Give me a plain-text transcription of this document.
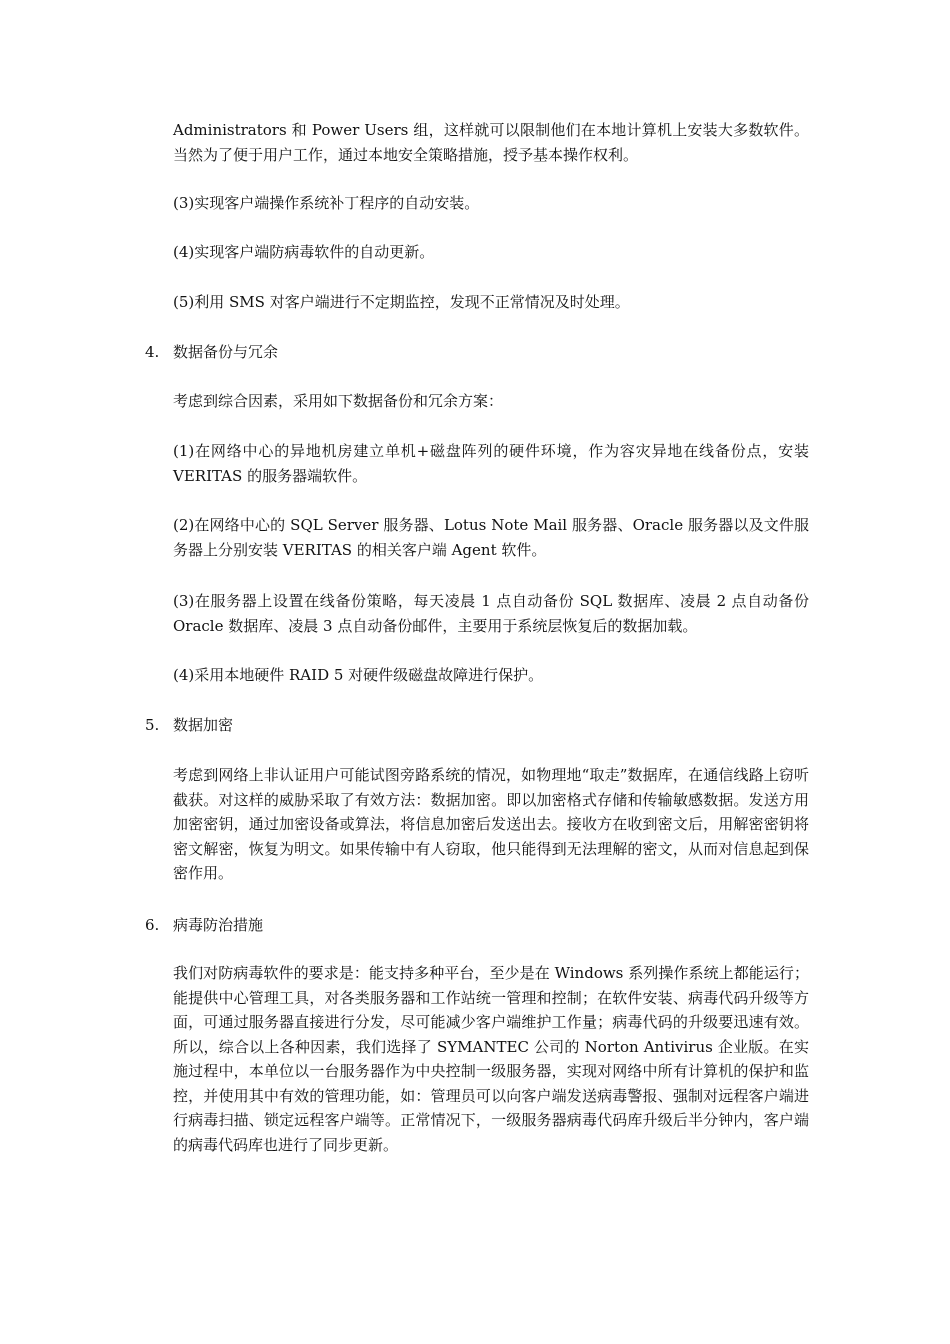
Administrators 和 Power Users 组，这样就可以限制他们在本地计算机上安装大多数软件。当然为了便于用户工作，通过本地安全策略措施，授予基本操作权利。

(3)实现客户端操作系统补丁程序的自动安装。

(4)实现客户端防病毒软件的自动更新。

(5)利用 SMS 对客户端进行不定期监控，发现不正常情况及时处理。

4. 数据备份与冗余

考虑到综合因素，采用如下数据备份和冗余方案：

(1)在网络中心的异地机房建立单机+磁盘阵列的硬件环境，作为容灾异地在线备份点，安装 VERITAS 的服务器端软件。

(2)在网络中心的 SQL Server 服务器、Lotus Note Mail 服务器、Oracle 服务器以及文件服务器上分别安装 VERITAS 的相关客户端 Agent 软件。

(3)在服务器上设置在线备份策略，每天凌晨 1 点自动备份 SQL 数据库、凌晨 2 点自动备份 Oracle 数据库、凌晨 3 点自动备份邮件，主要用于系统层恢复后的数据加载。

(4)采用本地硬件 RAID 5 对硬件级磁盘故障进行保护。

5. 数据加密

考虑到网络上非认证用户可能试图旁路系统的情况，如物理地“取走”数据库，在通信线路上窃听截获。对这样的威胁采取了有效方法：数据加密。即以加密格式存储和传输敏感数据。发送方用加密密钥，通过加密设备或算法，将信息加密后发送出去。接收方在收到密文后，用解密密钥将密文解密，恢复为明文。如果传输中有人窃取，他只能得到无法理解的密文，从而对信息起到保密作用。

6. 病毒防治措施

我们对防病毒软件的要求是：能支持多种平台，至少是在 Windows 系列操作系统上都能运行；能提供中心管理工具，对各类服务器和工作站统一管理和控制；在软件安装、病毒代码升级等方面，可通过服务器直接进行分发，尽可能减少客户端维护工作量；病毒代码的升级要迅速有效。所以，综合以上各种因素，我们选择了 SYMANTEC 公司的 Norton Antivirus 企业版。在实施过程中，本单位以一台服务器作为中央控制一级服务器，实现对网络中所有计算机的保护和监控，并使用其中有效的管理功能，如：管理员可以向客户端发送病毒警报、强制对远程客户端进行病毒扫描、锁定远程客户端等。正常情况下，一级服务器病毒代码库升级后半分钟内，客户端的病毒代码库也进行了同步更新。
